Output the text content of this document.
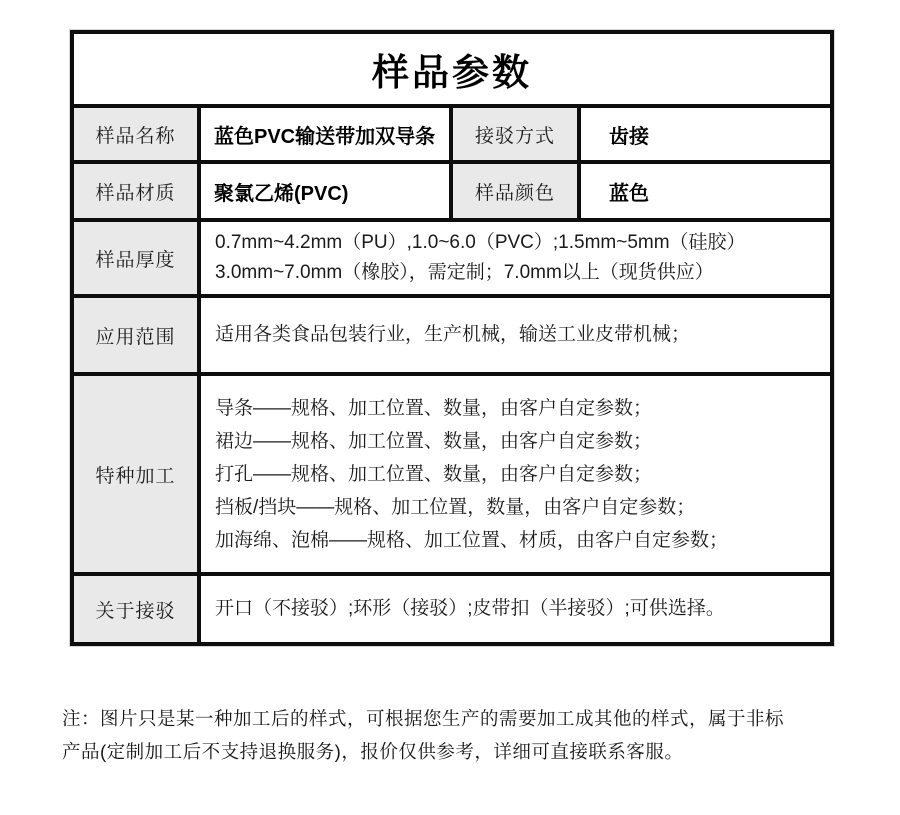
样品参数			
样品名称	蓝色PVC输送带加双导条	接驳方式	齿接
样品材质	聚氯乙烯(PVC)	样品颜色	蓝色
样品厚度	0.7mm~4.2mm（PU）,1.0~6.0（PVC）;1.5mm~5mm（硅胶）
3.0mm~7.0mm（橡胶），需定制；7.0mm以上（现货供应）		

应用范围	适用各类食品包装行业，生产机械，输送工业皮带机械；		

特种加工	导条——规格、加工位置、数量，由客户自定参数；
裙边——规格、加工位置、数量，由客户自定参数；
打孔——规格、加工位置、数量，由客户自定参数；
挡板/挡块——规格、加工位置，数量，由客户自定参数；
加海绵、泡棉——规格、加工位置、材质，由客户自定参数；		

关于接驳	开口（不接驳）;环形（接驳）;皮带扣（半接驳）;可供选择。		
注：图片只是某一种加工后的样式，可根据您生产的需要加工成其他的样式，属于非标
产品(定制加工后不支持退换服务)，报价仅供参考，详细可直接联系客服。
